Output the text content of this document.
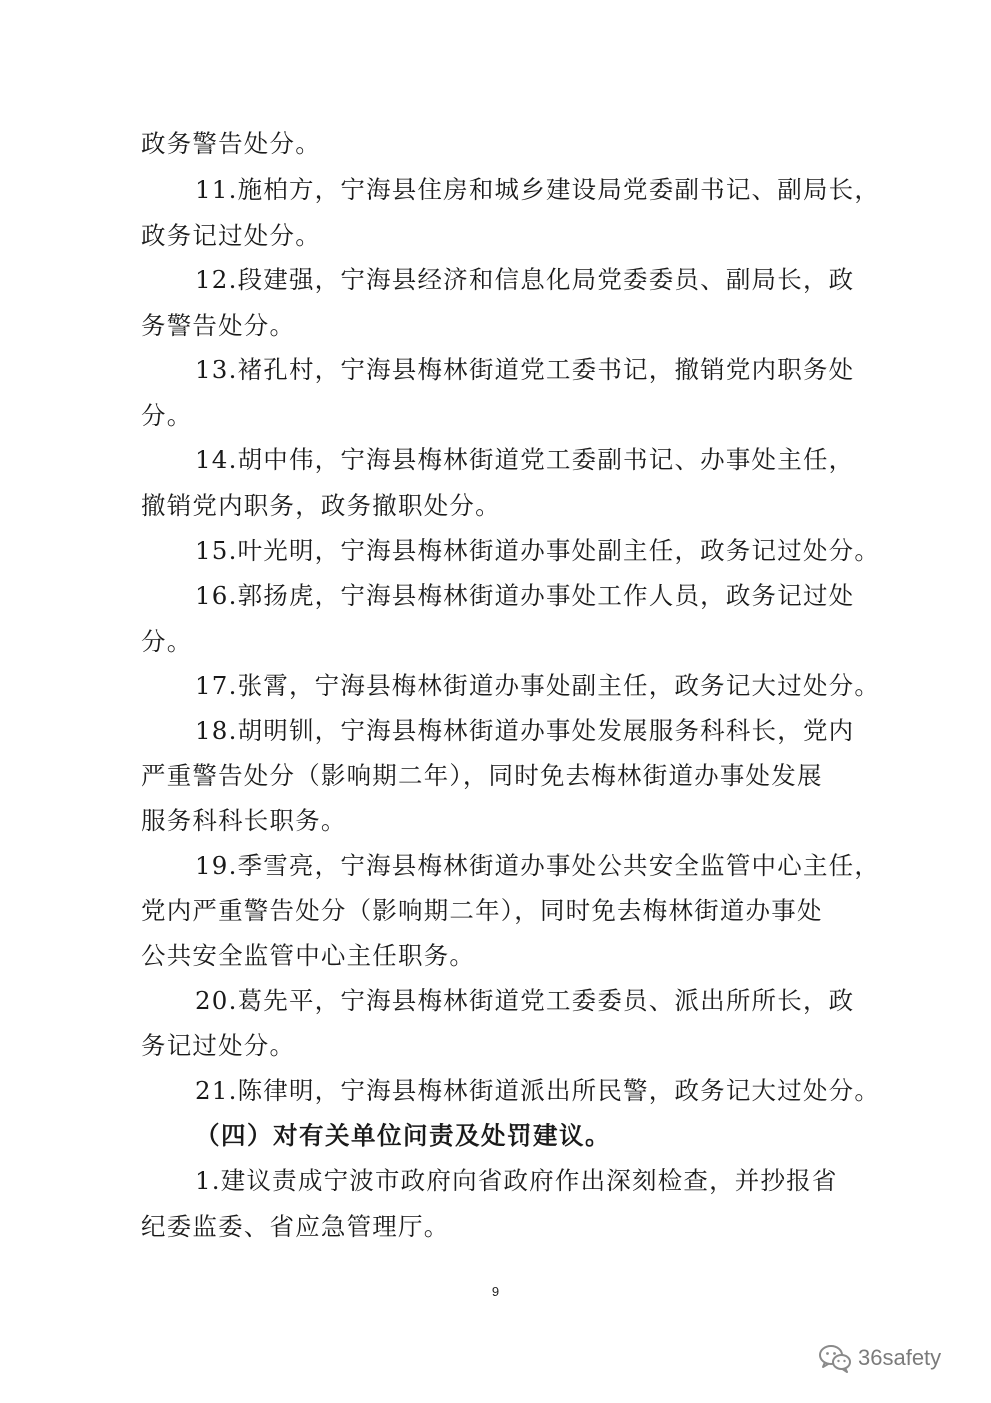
政务警告处分。
11.施柏方，宁海县住房和城乡建设局党委副书记、副局长，
政务记过处分。
12.段建强，宁海县经济和信息化局党委委员、副局长，政
务警告处分。
13.褚孔村，宁海县梅林街道党工委书记，撤销党内职务处
分。
14.胡中伟，宁海县梅林街道党工委副书记、办事处主任，
撤销党内职务，政务撤职处分。
15.叶光明，宁海县梅林街道办事处副主任，政务记过处分。
16.郭扬虎，宁海县梅林街道办事处工作人员，政务记过处
分。
17.张霄，宁海县梅林街道办事处副主任，政务记大过处分。
18.胡明钏，宁海县梅林街道办事处发展服务科科长，党内
严重警告处分（影响期二年），同时免去梅林街道办事处发展
服务科科长职务。
19.季雪亮，宁海县梅林街道办事处公共安全监管中心主任，
党内严重警告处分（影响期二年），同时免去梅林街道办事处
公共安全监管中心主任职务。
20.葛先平，宁海县梅林街道党工委委员、派出所所长，政
务记过处分。
21.陈律明，宁海县梅林街道派出所民警，政务记大过处分。
（四）对有关单位问责及处罚建议。
1.建议责成宁波市政府向省政府作出深刻检查，并抄报省
纪委监委、省应急管理厅。
9
36safety
